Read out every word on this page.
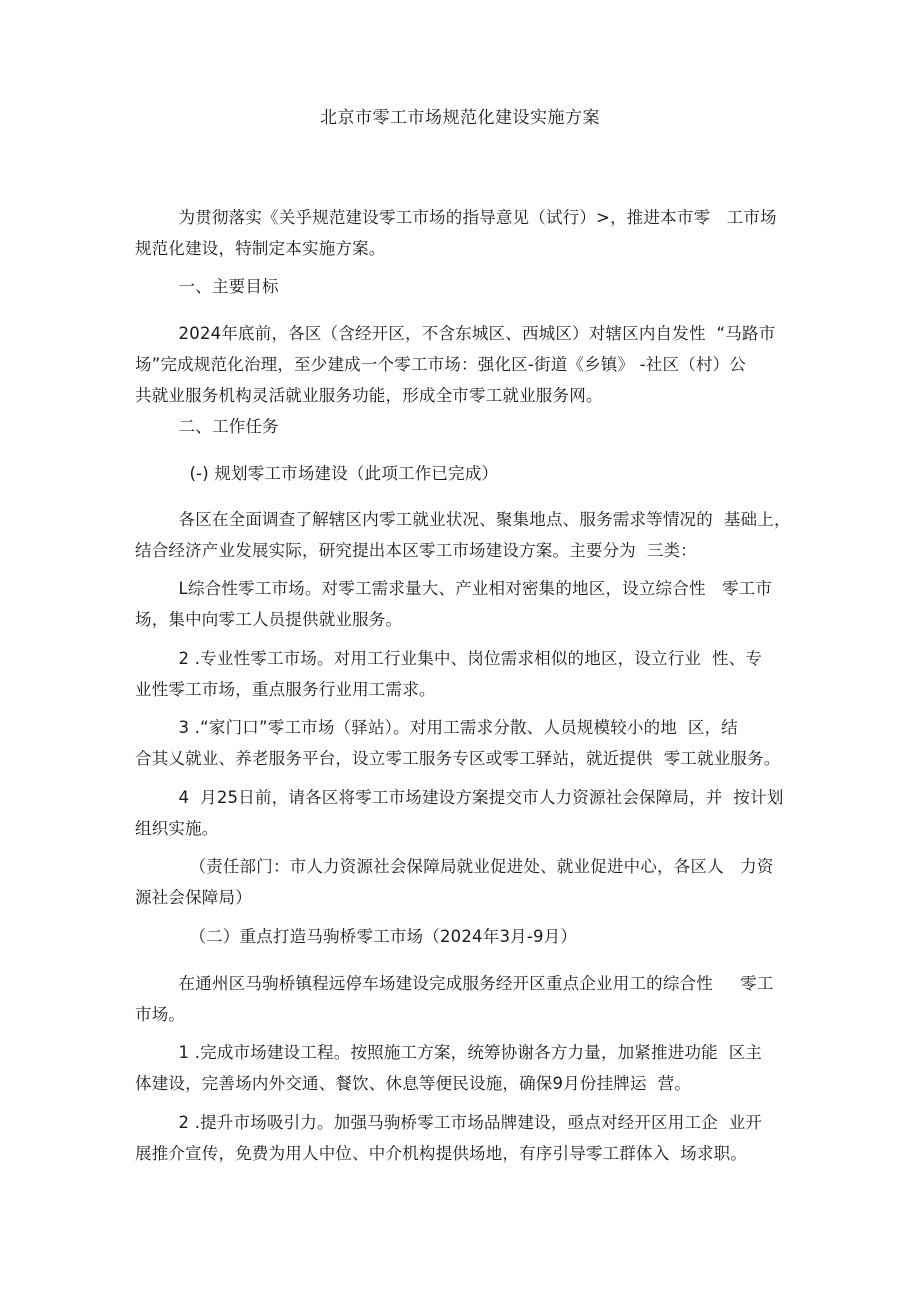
北京市零工市场规范化建设实施方案

为贯彻落实《关乎规范建设零工市场的指导意见（试行）>，推进本市零   工市场
规范化建设，特制定本实施方案。

一、主要目标

2024年底前，各区（含经开区，不含东城区、西城区）对辖区内自发性  “马路市
场”完成规范化治理，至少建成一个零工市场：强化区-街道《乡镇》 -社区（村）公
共就业服务机构灵活就业服务功能，形成全市零工就业服务网。

二、工作任务

(-) 规划零工市场建设（此项工作已完成）

各区在全面调查了解辖区内零工就业状况、聚集地点、服务需求等情况的  基础上，
结合经济产业发展实际，研究提出本区零工市场建设方案。主要分为  三类：

L综合性零工市场。对零工需求量大、产业相对密集的地区，设立综合性   零工市
场，集中向零工人员提供就业服务。

2 .专业性零工市场。对用工行业集中、岗位需求相似的地区，设立行业  性、专
业性零工市场，重点服务行业用工需求。

3 .“家门口”零工市场（驿站）。对用工需求分散、人员规模较小的地  区，结
合其乂就业、养老服务平台，设立零工服务专区或零工驿站，就近提供  零工就业服务。

4  月25日前，请各区将零工市场建设方案提交市人力资源社会保障局，并  按计划
组织实施。

（责任部门：市人力资源社会保障局就业促进处、就业促进中心，各区人   力资
源社会保障局）

（二）重点打造马驹桥零工市场（2024年3月-9月）

在通州区马驹桥镇程远停车场建设完成服务经开区重点企业用工的综合性     零工
市场。

1 .完成市场建设工程。按照施工方案，统筹协谢各方力量，加紧推进功能  区主
体建设，完善场内外交通、餐饮、休息等便民设施，确保9月份挂牌运  营。

2 .提升市场吸引力。加强马驹桥零工市场品牌建设，亟点对经开区用工企  业开
展推介宣传，免费为用人中位、中介机构提供场地，有序引导零工群体入  场求职。
